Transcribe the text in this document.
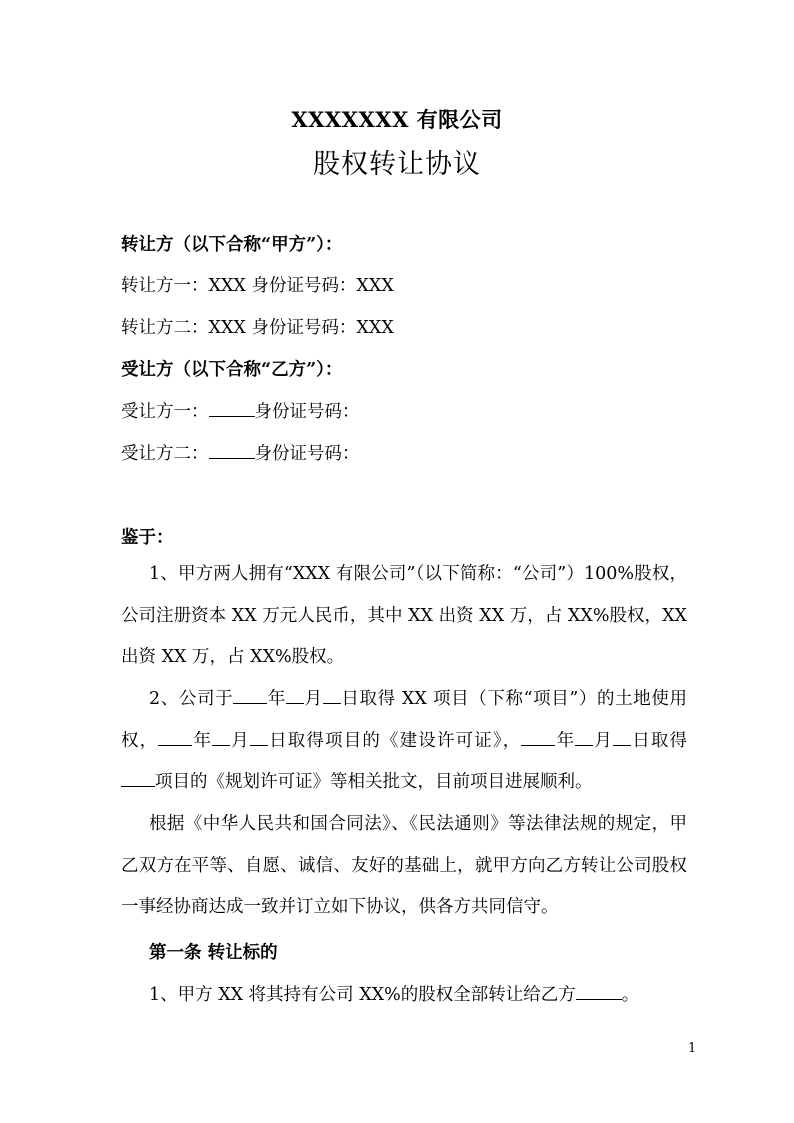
XXXXXXX 有限公司
股权转让协议
转让方（以下合称“甲方”）：
转让方一：XXX 身份证号码：XXX
转让方二：XXX 身份证号码：XXX
受让方（以下合称“乙方”）：
受让方一：	身份证号码：
受让方二：	身份证号码：
鉴于：
1、甲方两人拥有“XXX 有限公司”（以下简称：“公司”）100%股权，公司注册资本 XX 万元人民币，其中 XX 出资 XX 万，占 XX%股权，XX 出资 XX 万，占 XX%股权。
2、公司于 年 月 日取得 XX 项目（下称“项目”）的土地使用权， 年 月 日取得项目的《建设许可证》， 年 月 日取得项目的《规划许可证》等相关批文，目前项目进展顺利。
根据《中华人民共和国合同法》、《民法通则》等法律法规的规定，甲乙双方在平等、自愿、诚信、友好的基础上，就甲方向乙方转让公司股权一事经协商达成一致并订立如下协议，供各方共同信守。
第一条 转让标的
1、甲方 XX 将其持有公司 XX%的股权全部转让给乙方	。
1
